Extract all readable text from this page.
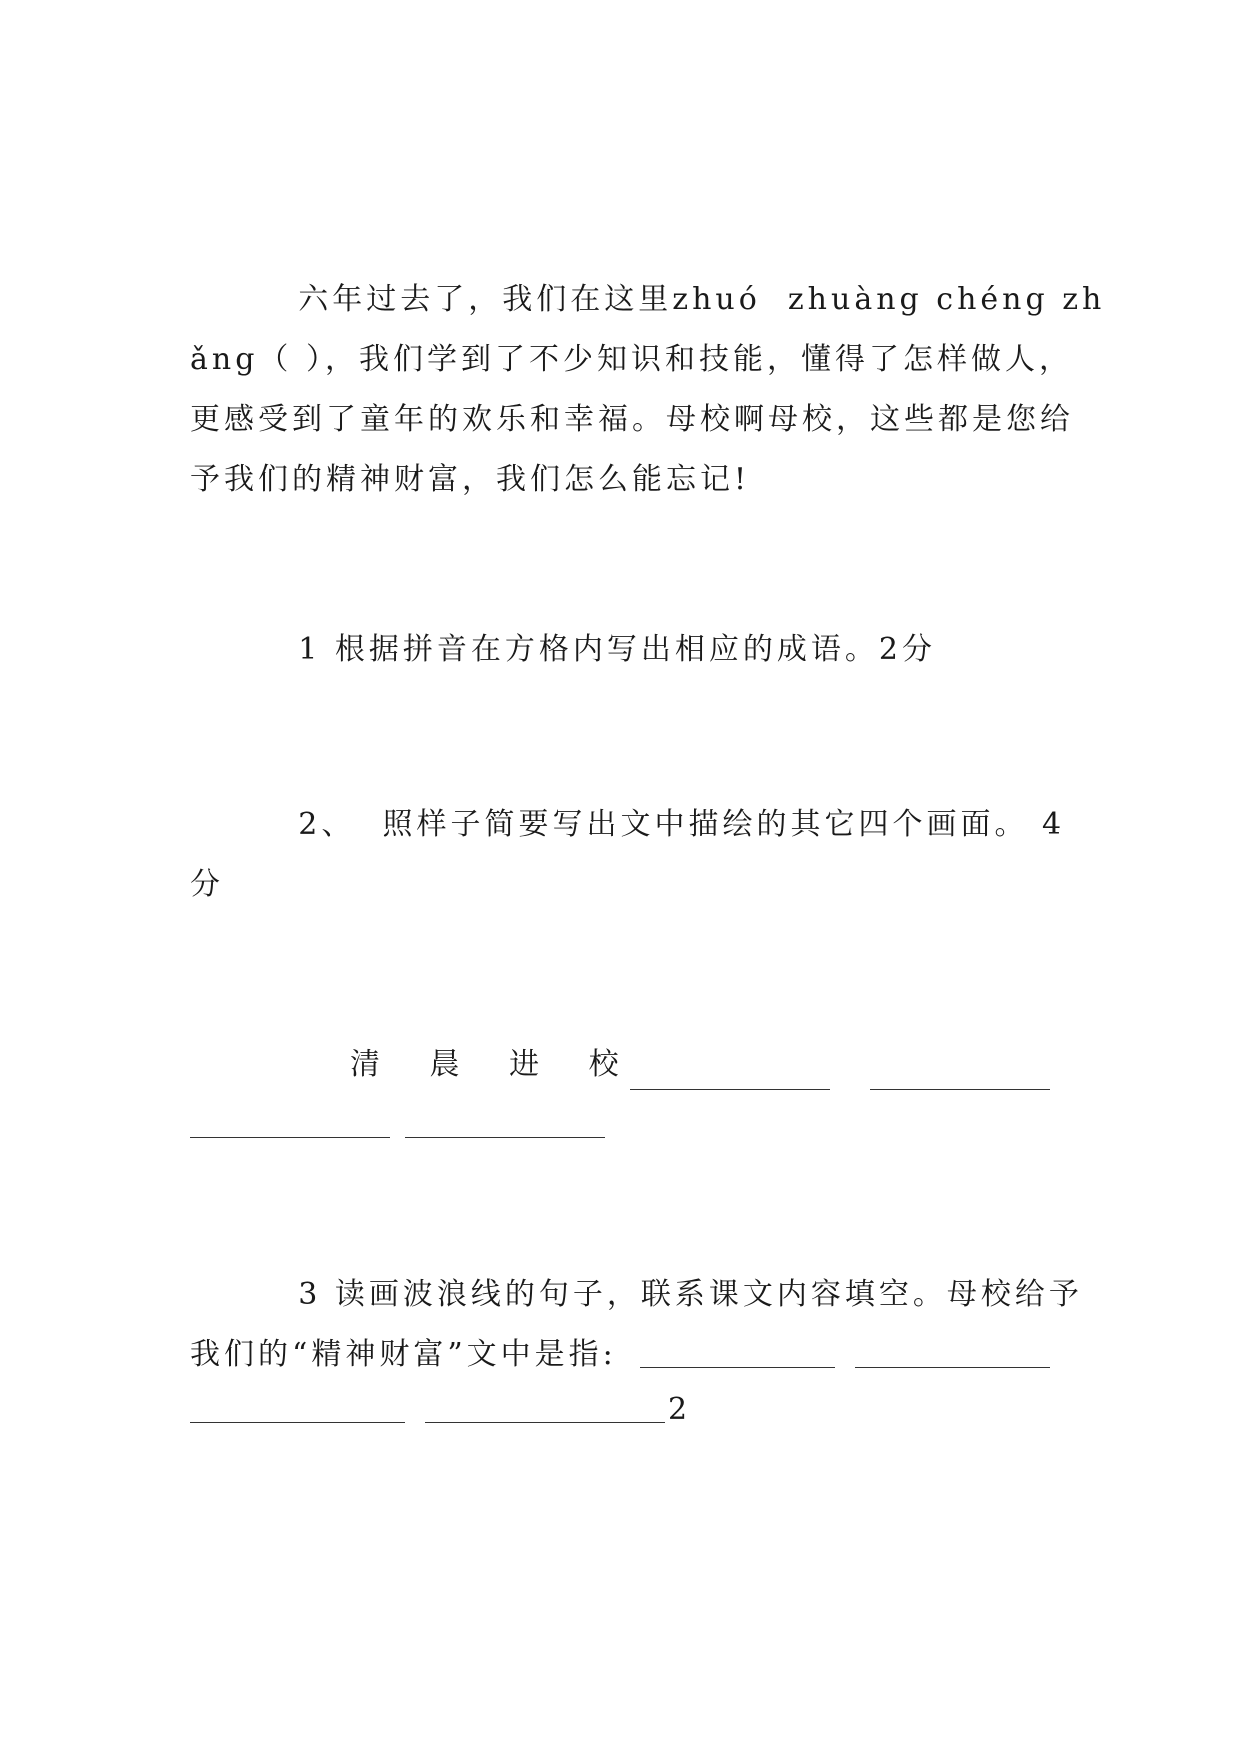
六年过去了，我们在这里zhuó  zhuàng chéng zh
ǎng（ ），我们学到了不少知识和技能，懂得了怎样做人，
更感受到了童年的欢乐和幸福。母校啊母校，这些都是您给
予我们的精神财富，我们怎么能忘记!
1 根据拼音在方格内写出相应的成语。2分
2、  照样子简要写出文中描绘的其它四个画面。 4
分
清 晨 进 校
3 读画波浪线的句子，联系课文内容填空。母校给予
我们的“精神财富”文中是指:
2
